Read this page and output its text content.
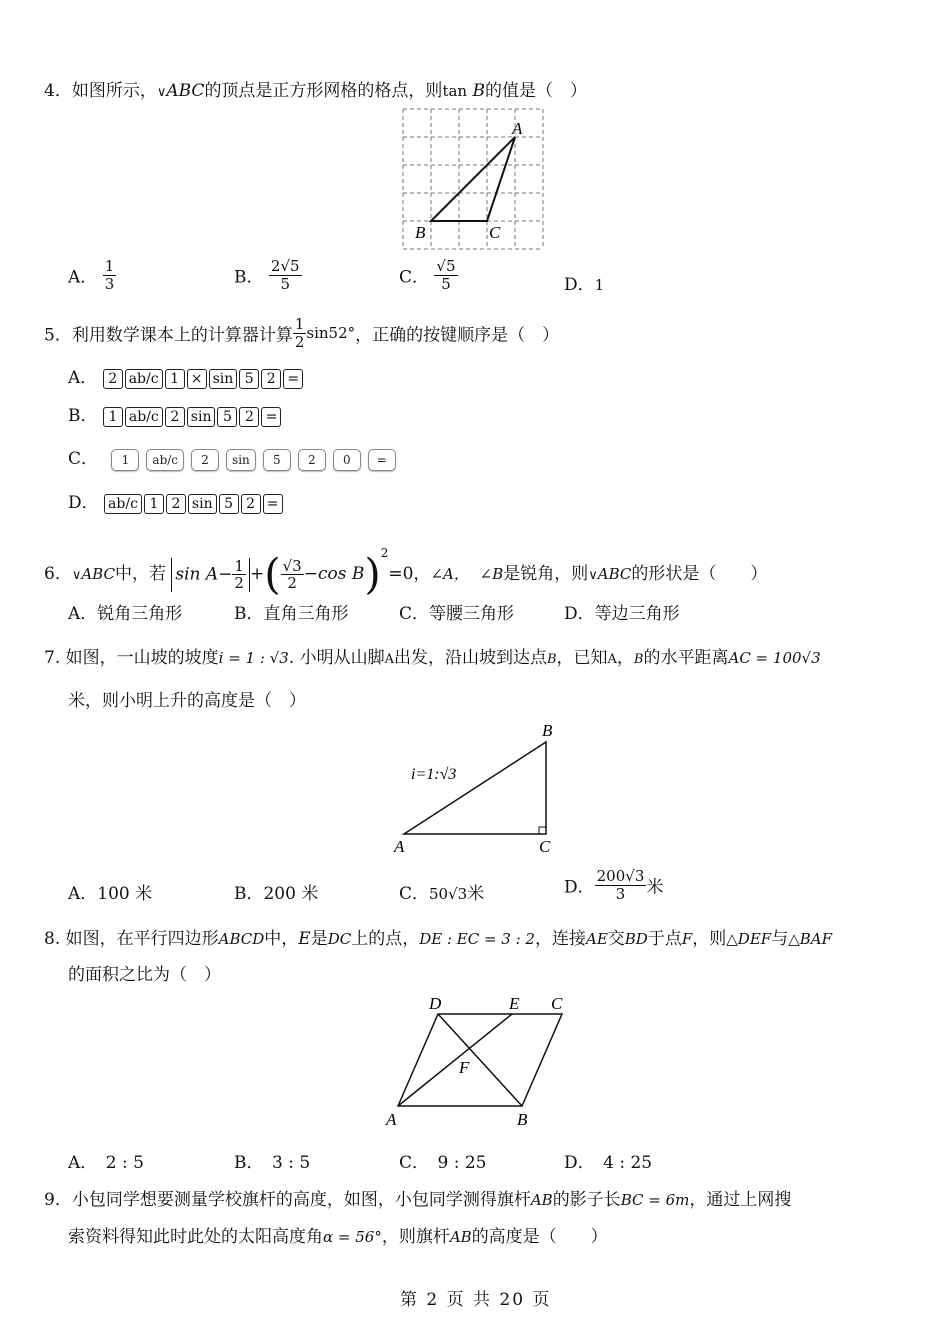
4．如图所示，∨ABC的顶点是正方形网格的格点，则tan B的值是（　）
A
B	C
A． $\frac{1}{3}$	B． $\frac{2√5}{5}$	C． $\frac{√5}{5}$	D．1
5．利用数学课本上的计算器计算 $\frac{1}{2} \sin 52^\circ$，正确的按键顺序是（　）
A． 2 ab/c 1 × sin 5 2 =
B． 1 ab/c 2 sin 5 2 =
C． 1 ab/c 2 sin 5 2 0 =
D． ab/c 1 2 sin 5 2 =
6．∨ABC中，若 $\sin A- \frac{1}{2}$ +( $\frac{√3}{2} -\cos$ B)$^2$=0，∠A， ∠B是锐角，则∨ABC的形状是（　　）
A．锐角三角形	B．直角三角形	C．等腰三角形	D．等边三角形
7. 如图，一山坡的坡度i = 1 : √3. 小明从山脚A出发，沿山坡到达点B，已知A，B的水平距离AC = 100√3
米，则小明上升的高度是（　）
B
A	C
i=1:√3
A．100 米	B．200 米	C．50√3米	D． $\frac{200√3}{3}$ 米
8. 如图，在平行四边形ABCD中，E是DC上的点，DE : EC = 3 : 2，连接AE交BD于点F，则△DEF与△BAF
的面积之比为（　）
D	E C
F
A	B
A．　2 : 5	B．　3 : 5	C．　9 : 25	D．　4 : 25
9．小包同学想要测量学校旗杆的高度，如图，小包同学测得旗杆AB的影子长BC = 6m，通过上网搜
索资料得知此时此处的太阳高度角α = 56°，则旗杆AB的高度是（　　）
第 2 页 共 20 页
